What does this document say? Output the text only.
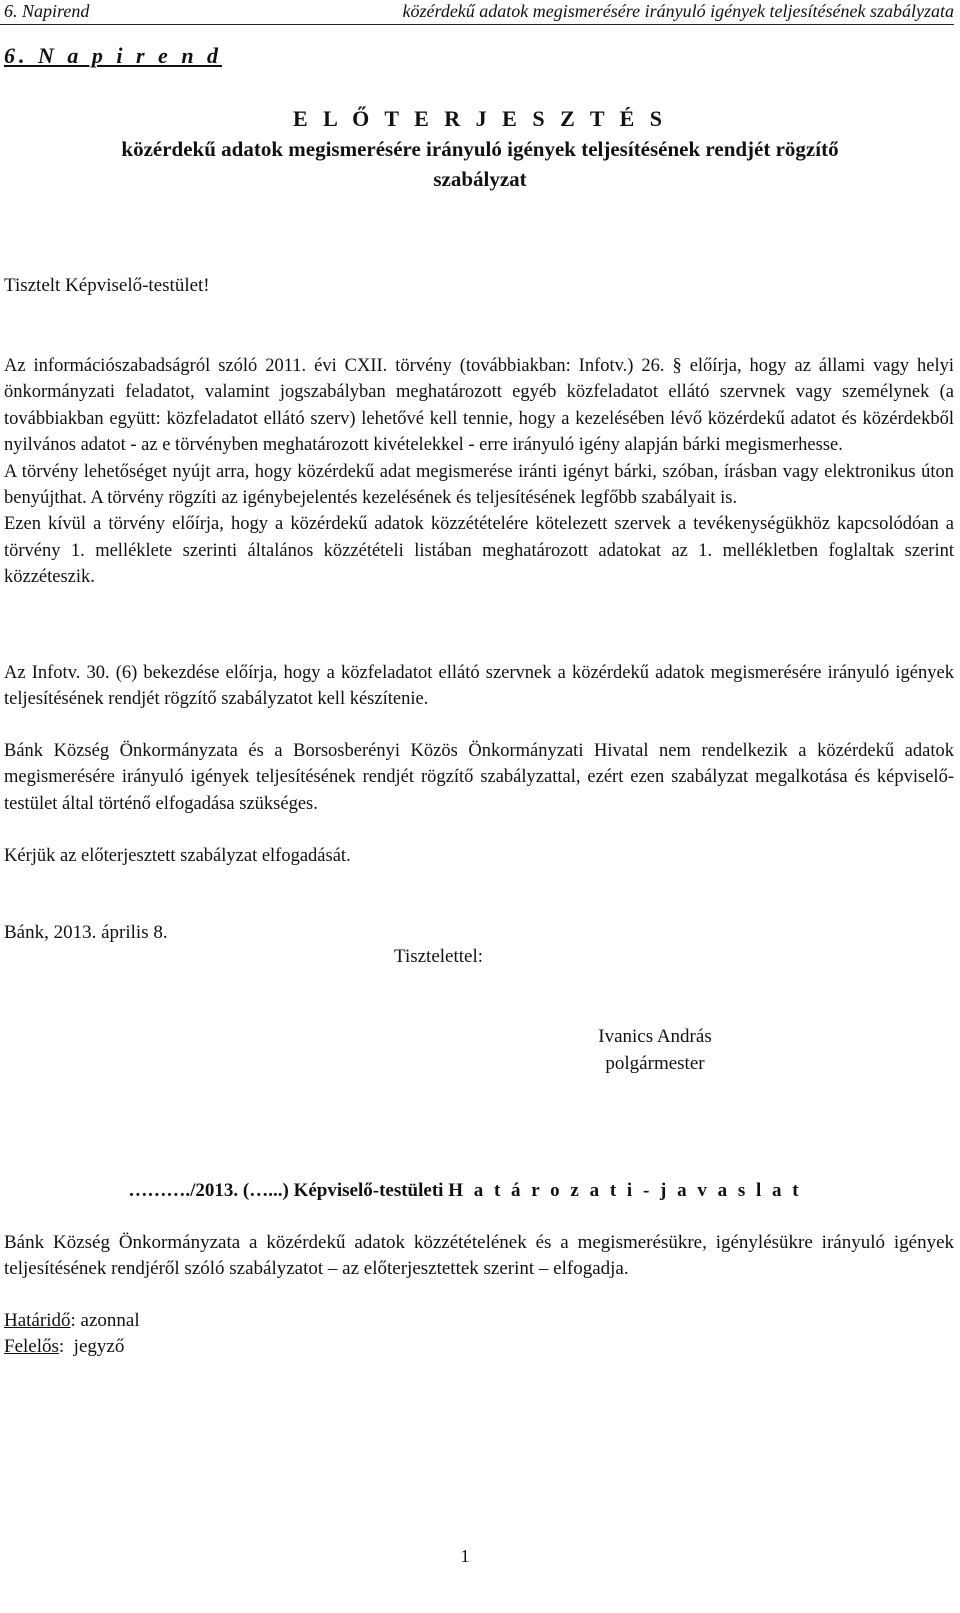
6. Napirend	közérdekű adatok megismerésére irányuló igények teljesítésének szabályzata
6. N a p i r e n d
E L Ő T E R J E S Z T É S
közérdekű adatok megismerésére irányuló igények teljesítésének rendjét rögzítő
szabályzat
Tisztelt Képviselő-testület!

Az információszabadságról szóló 2011. évi CXII. törvény (továbbiakban: Infotv.) 26. § előírja, hogy az állami vagy helyi önkormányzati feladatot, valamint jogszabályban meghatározott egyéb közfeladatot ellátó szervnek vagy személynek (a továbbiakban együtt: közfeladatot ellátó szerv) lehetővé kell tennie, hogy a kezelésében lévő közérdekű adatot és közérdekből nyilvános adatot - az e törvényben meghatározott kivételekkel - erre irányuló igény alapján bárki megismerhesse.

A törvény lehetőséget nyújt arra, hogy közérdekű adat megismerése iránti igényt bárki, szóban, írásban vagy elektronikus úton benyújthat. A törvény rögzíti az igénybejelentés kezelésének és teljesítésének legfőbb szabályait is.

Ezen kívül a törvény előírja, hogy a közérdekű adatok közzétételére kötelezett szervek a tevékenységükhöz kapcsolódóan a törvény 1. melléklete szerinti általános közzétételi listában meghatározott adatokat az 1. mellékletben foglaltak szerint közzéteszik.

Az Infotv. 30. (6) bekezdése előírja, hogy a közfeladatot ellátó szervnek a közérdekű adatok megismerésére irányuló igények teljesítésének rendjét rögzítő szabályzatot kell készítenie.

Bánk Község Önkormányzata és a Borsosberényi Közös Önkormányzati Hivatal nem rendelkezik a közérdekű adatok megismerésére irányuló igények teljesítésének rendjét rögzítő szabályzattal, ezért ezen szabályzat megalkotása és képviselő-testület által történő elfogadása szükséges.

Kérjük az előterjesztett szabályzat elfogadását.

Bánk, 2013. április 8.
Tisztelettel:
Ivanics András
polgármester
………./2013. (…...) Képviselő-testületi H a t á r o z a t i - j a v a s l a t

Bánk Község Önkormányzata a közérdekű adatok közzétételének és a megismerésükre, igénylésükre irányuló igények teljesítésének rendjéről szóló szabályzatot – az előterjesztettek szerint – elfogadja.

Határidő: azonnal
Felelős:  jegyző
1
